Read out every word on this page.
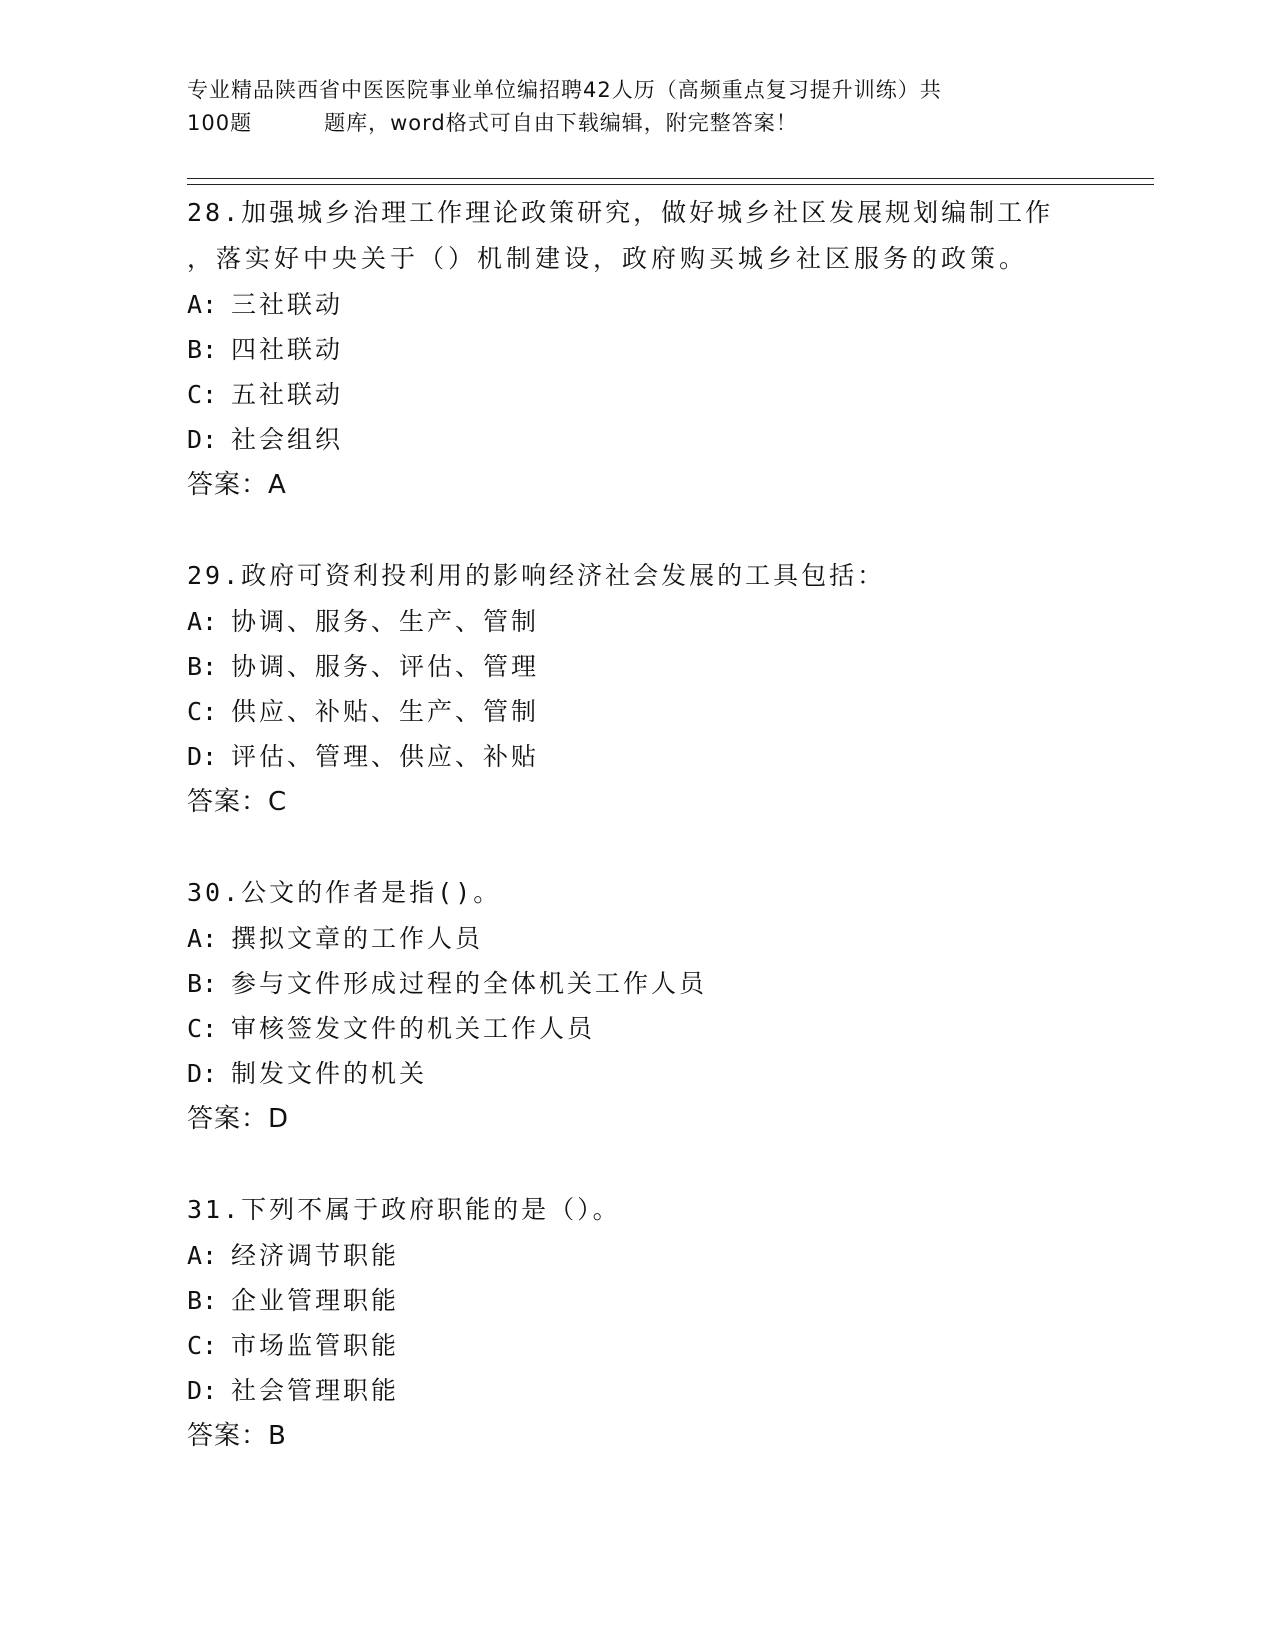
专业精品陕西省中医医院事业单位编招聘42人历（高频重点复习提升训练）共
100题	题库，word格式可自由下载编辑，附完整答案！
28.加强城乡治理工作理论政策研究，做好城乡社区发展规划编制工作
，落实好中央关于（）机制建设，政府购买城乡社区服务的政策。
A: 三社联动
B: 四社联动
C: 五社联动
D: 社会组织
答案：A
29.政府可资利投利用的影响经济社会发展的工具包括：
A: 协调、服务、生产、管制
B: 协调、服务、评估、管理
C: 供应、补贴、生产、管制
D: 评估、管理、供应、补贴
答案：C
30.公文的作者是指()。
A: 撰拟文章的工作人员
B: 参与文件形成过程的全体机关工作人员
C: 审核签发文件的机关工作人员
D: 制发文件的机关
答案：D
31.下列不属于政府职能的是（）。
A: 经济调节职能
B: 企业管理职能
C: 市场监管职能
D: 社会管理职能
答案：B
